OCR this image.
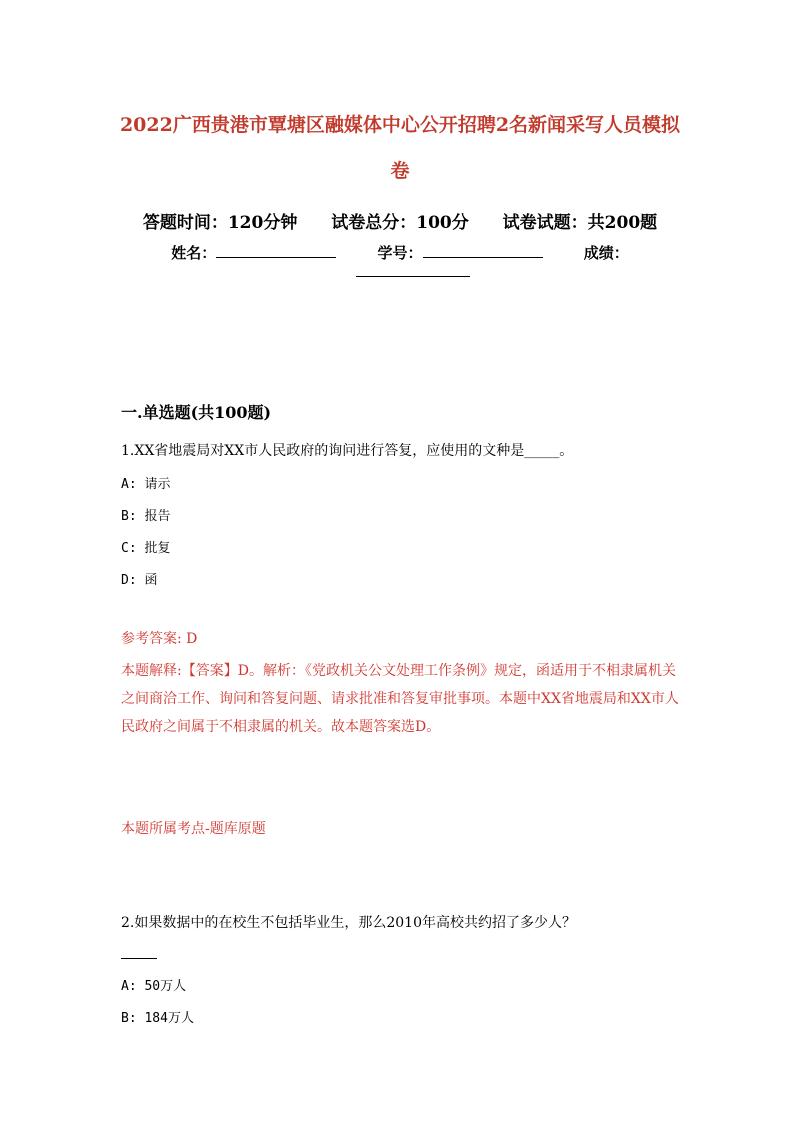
2022广西贵港市覃塘区融媒体中心公开招聘2名新闻采写人员模拟
卷
答题时间：120分钟 试卷总分：100分 试卷试题：共200题
姓名：	学号：	成绩：
一.单选题(共100题)
1.XX省地震局对XX市人民政府的询问进行答复，应使用的文种是_____。
A: 请示
B: 报告
C: 批复
D: 函
参考答案: D
本题解释:【答案】D。解析：《党政机关公文处理工作条例》规定，函适用于不相隶属机关之间商洽工作、询问和答复问题、请求批准和答复审批事项。本题中XX省地震局和XX市人民政府之间属于不相隶属的机关。故本题答案选D。
本题所属考点-题库原题
2.如果数据中的在校生不包括毕业生，那么2010年高校共约招了多少人？
A: 50万人
B: 184万人
